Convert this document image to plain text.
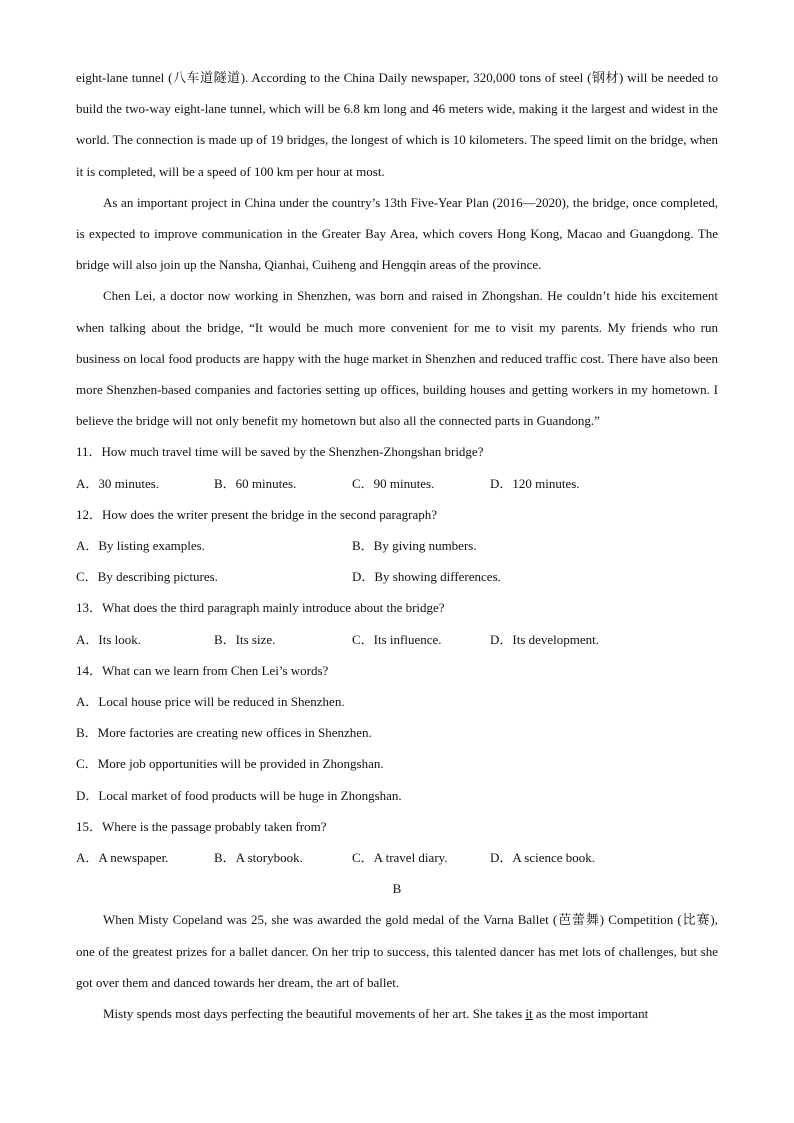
eight-lane tunnel (八车道隧道). According to the China Daily newspaper, 320,000 tons of steel (钢材) will be needed to build the two-way eight-lane tunnel, which will be 6.8 km long and 46 meters wide, making it the largest and widest in the world. The connection is made up of 19 bridges, the longest of which is 10 kilometers. The speed limit on the bridge, when it is completed, will be a speed of 100 km per hour at most.

As an important project in China under the country’s 13th Five-Year Plan (2016—2020), the bridge, once completed, is expected to improve communication in the Greater Bay Area, which covers Hong Kong, Macao and Guangdong. The bridge will also join up the Nansha, Qianhai, Cuiheng and Hengqin areas of the province.

Chen Lei, a doctor now working in Shenzhen, was born and raised in Zhongshan. He couldn’t hide his excitement when talking about the bridge, “It would be much more convenient for me to visit my parents. My friends who run business on local food products are happy with the huge market in Shenzhen and reduced traffic cost. There have also been more Shenzhen-based companies and factories setting up offices, building houses and getting workers in my hometown. I believe the bridge will not only benefit my hometown but also all the connected parts in Guandong.”

11．How much travel time will be saved by the Shenzhen-Zhongshan bridge?

A．30 minutes.	B．60 minutes.	C．90 minutes.	D．120 minutes.

12．How does the writer present the bridge in the second paragraph?

A．By listing examples.	B．By giving numbers.
C．By describing pictures.	D．By showing differences.

13．What does the third paragraph mainly introduce about the bridge?

A．Its look.	B．Its size.	C．Its influence.	D．Its development.

14．What can we learn from Chen Lei’s words?

A．Local house price will be reduced in Shenzhen.

B．More factories are creating new offices in Shenzhen.

C．More job opportunities will be provided in Zhongshan.

D．Local market of food products will be huge in Zhongshan.

15．Where is the passage probably taken from?

A．A newspaper.	B．A storybook.	C．A travel diary.	D．A science book.

B

When Misty Copeland was 25, she was awarded the gold medal of the Varna Ballet (芭蕾舞) Competition (比赛), one of the greatest prizes for a ballet dancer. On her trip to success, this talented dancer has met lots of challenges, but she got over them and danced towards her dream, the art of ballet.

Misty spends most days perfecting the beautiful movements of her art. She takes it as the most important
